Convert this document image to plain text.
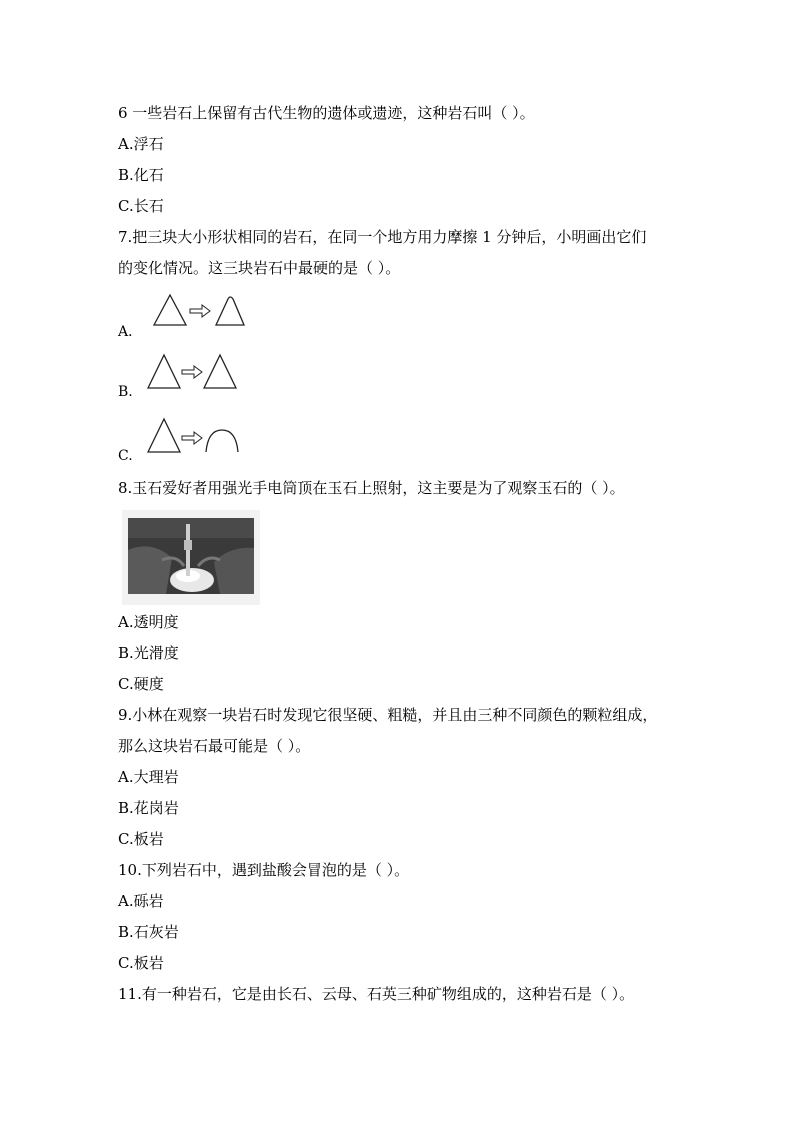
6 一些岩石上保留有古代生物的遗体或遗迹，这种岩石叫（ ）。
A.浮石
B.化石
C.长石
7.把三块大小形状相同的岩石，在同一个地方用力摩擦 1 分钟后，小明画出它们
的变化情况。这三块岩石中最硬的是（ ）。
A．
B.
C.
8.玉石爱好者用强光手电筒顶在玉石上照射，这主要是为了观察玉石的（ ）。
A.透明度
B.光滑度
C.硬度
9.小林在观察一块岩石时发现它很坚硬、粗糙，并且由三种不同颜色的颗粒组成，
那么这块岩石最可能是（ ）。
A.大理岩
B.花岗岩
C.板岩
10.下列岩石中，遇到盐酸会冒泡的是（ ）。
A.砾岩
B.石灰岩
C.板岩
11.有一种岩石，它是由长石、云母、石英三种矿物组成的，这种岩石是（ ）。
